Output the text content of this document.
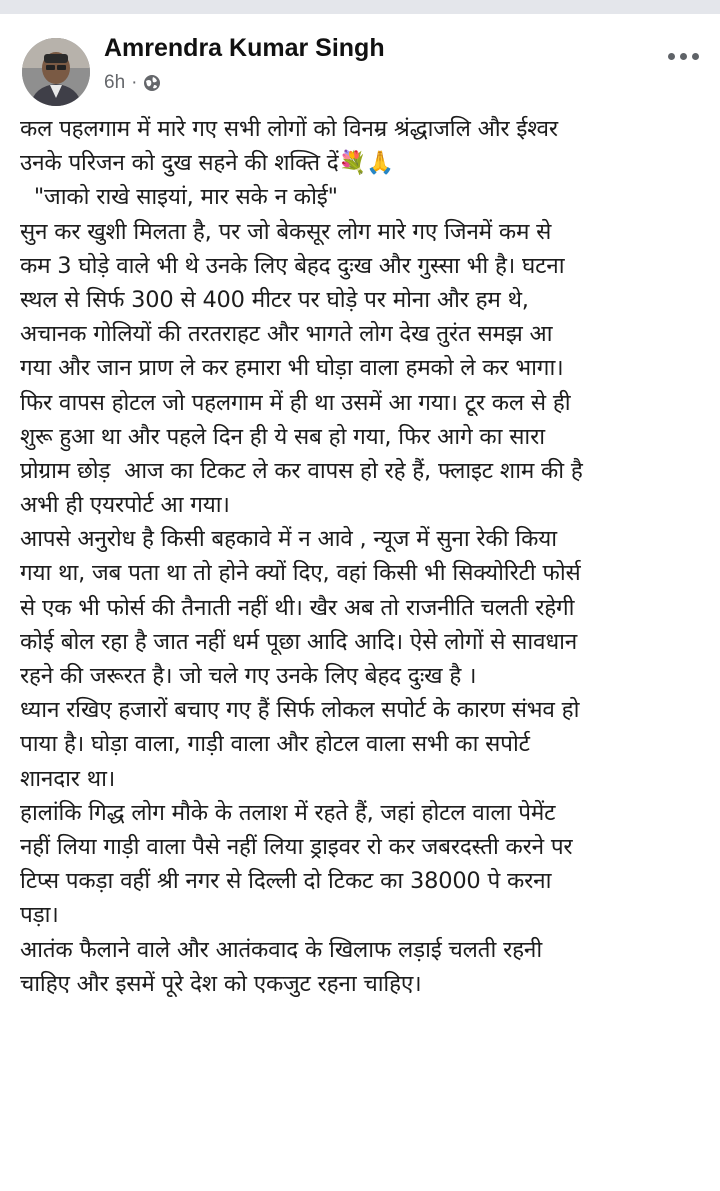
Amrendra Kumar Singh
6h ·
कल पहलगाम में मारे गए सभी लोगों को विनम्र श्रंद्धाजलि और ईश्वर
उनके परिजन को दुख सहने की शक्ति दें💐🙏
"जाको राखे साइयां, मार सके न कोई"
सुन कर खुशी मिलता है, पर जो बेकसूर लोग मारे गए जिनमें कम से
कम 3 घोड़े वाले भी थे उनके लिए बेहद दुःख और गुस्सा भी है। घटना
स्थल से सिर्फ 300 से 400 मीटर पर घोड़े पर मोना और हम थे,
अचानक गोलियों की तरतराहट और भागते लोग देख तुरंत समझ आ
गया और जान प्राण ले कर हमारा भी घोड़ा वाला हमको ले कर भागा।
फिर वापस होटल जो पहलगाम में ही था उसमें आ गया। टूर कल से ही
शुरू हुआ था और पहले दिन ही ये सब हो गया, फिर आगे का सारा
प्रोग्राम छोड़  आज का टिकट ले कर वापस हो रहे हैं, फ्लाइट शाम की है
अभी ही एयरपोर्ट आ गया।
आपसे अनुरोध है किसी बहकावे में न आवे , न्यूज में सुना रेकी किया
गया था, जब पता था तो होने क्यों दिए, वहां किसी भी सिक्योरिटी फोर्स
से एक भी फोर्स की तैनाती नहीं थी। खैर अब तो राजनीति चलती रहेगी
कोई बोल रहा है जात नहीं धर्म पूछा आदि आदि। ऐसे लोगों से सावधान
रहने की जरूरत है। जो चले गए उनके लिए बेहद दुःख है ।
ध्यान रखिए हजारों बचाए गए हैं सिर्फ लोकल सपोर्ट के कारण संभव हो
पाया है। घोड़ा वाला, गाड़ी वाला और होटल वाला सभी का सपोर्ट
शानदार था।
हालांकि गिद्ध लोग मौके के तलाश में रहते हैं, जहां होटल वाला पेमेंट
नहीं लिया गाड़ी वाला पैसे नहीं लिया ड्राइवर रो कर जबरदस्ती करने पर
टिप्स पकड़ा वहीं श्री नगर से दिल्ली दो टिकट का 38000 पे करना
पड़ा।
आतंक फैलाने वाले और आतंकवाद के खिलाफ लड़ाई चलती रहनी
चाहिए और इसमें पूरे देश को एकजुट रहना चाहिए।
